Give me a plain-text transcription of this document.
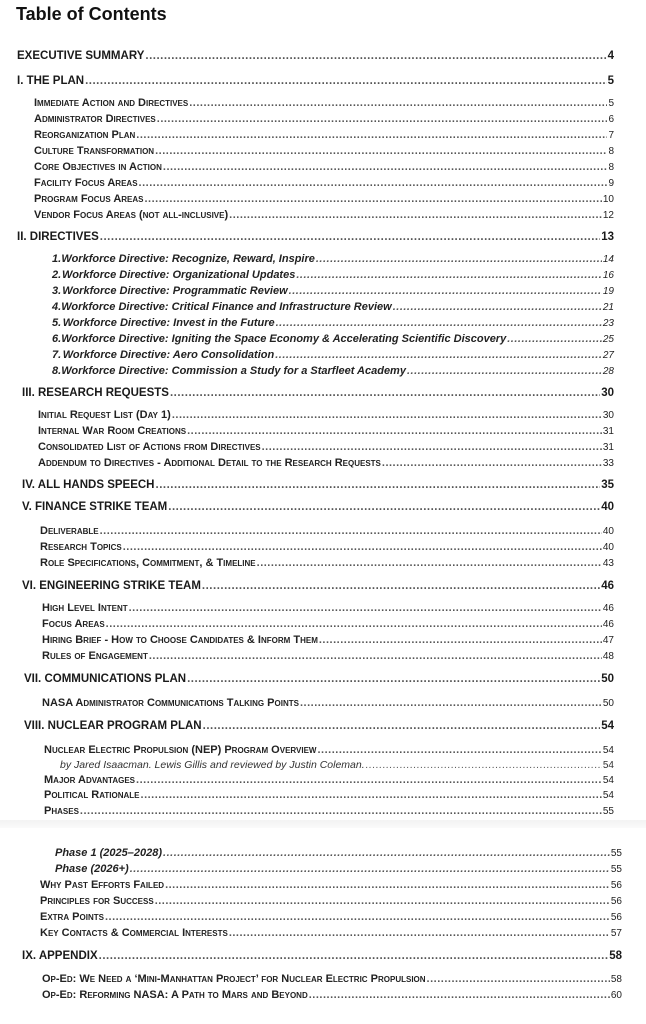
Table of Contents
EXECUTIVE SUMMARY .....	4
I. THE PLAN .....	5
Immediate Action and Directives .....	5
Administrator Directives .....	6
Reorganization Plan .....	7
Culture Transformation .....	8
Core Objectives in Action .....	8
Facility Focus Areas .....	9
Program Focus Areas .....	10
Vendor Focus Areas (not all-inclusive) .....	12
II. DIRECTIVES .....	13
1. Workforce Directive: Recognize, Reward, Inspire .....	14
2. Workforce Directive: Organizational Updates .....	16
3. Workforce Directive: Programmatic Review .....	19
4. Workforce Directive: Critical Finance and Infrastructure Review .....	21
5. Workforce Directive: Invest in the Future .....	23
6. Workforce Directive: Igniting the Space Economy & Accelerating Scientific Discovery .....	25
7. Workforce Directive: Aero Consolidation .....	27
8. Workforce Directive: Commission a Study for a Starfleet Academy .....	28
III. RESEARCH REQUESTS .....	30
Initial Request List (Day 1) .....	30
Internal War Room Creations .....	31
Consolidated List of Actions from Directives .....	31
Addendum to Directives - Additional Detail to the Research Requests .....	33
IV. ALL HANDS SPEECH .....	35
V. FINANCE STRIKE TEAM .....	40
Deliverable .....	40
Research Topics .....	40
Role Specifications, Commitment, & Timeline .....	43
VI. ENGINEERING STRIKE TEAM .....	46
High Level Intent .....	46
Focus Areas .....	46
Hiring Brief - How to Choose Candidates & Inform Them .....	47
Rules of Engagement .....	48
VII. COMMUNICATIONS PLAN .....	50
NASA Administrator Communications Talking Points .....	50
VIII. NUCLEAR PROGRAM PLAN .....	54
Nuclear Electric Propulsion (NEP) Program Overview .....	54
by Jared Isaacman. Lewis Gillis and reviewed by Justin Coleman. .....	54
Major Advantages .....	54
Political Rationale .....	54
Phases .....	55
Phase 1 (2025–2028) .....	55
Phase (2026+) .....	55
Why Past Efforts Failed .....	56
Principles for Success .....	56
Extra Points .....	56
Key Contacts & Commercial Interests .....	57
IX. APPENDIX .....	58
Op-Ed: We Need a ‘Mini-Manhattan Project’ for Nuclear Electric Propulsion .....	58
Op-Ed: Reforming NASA: A Path to Mars and Beyond .....	60
